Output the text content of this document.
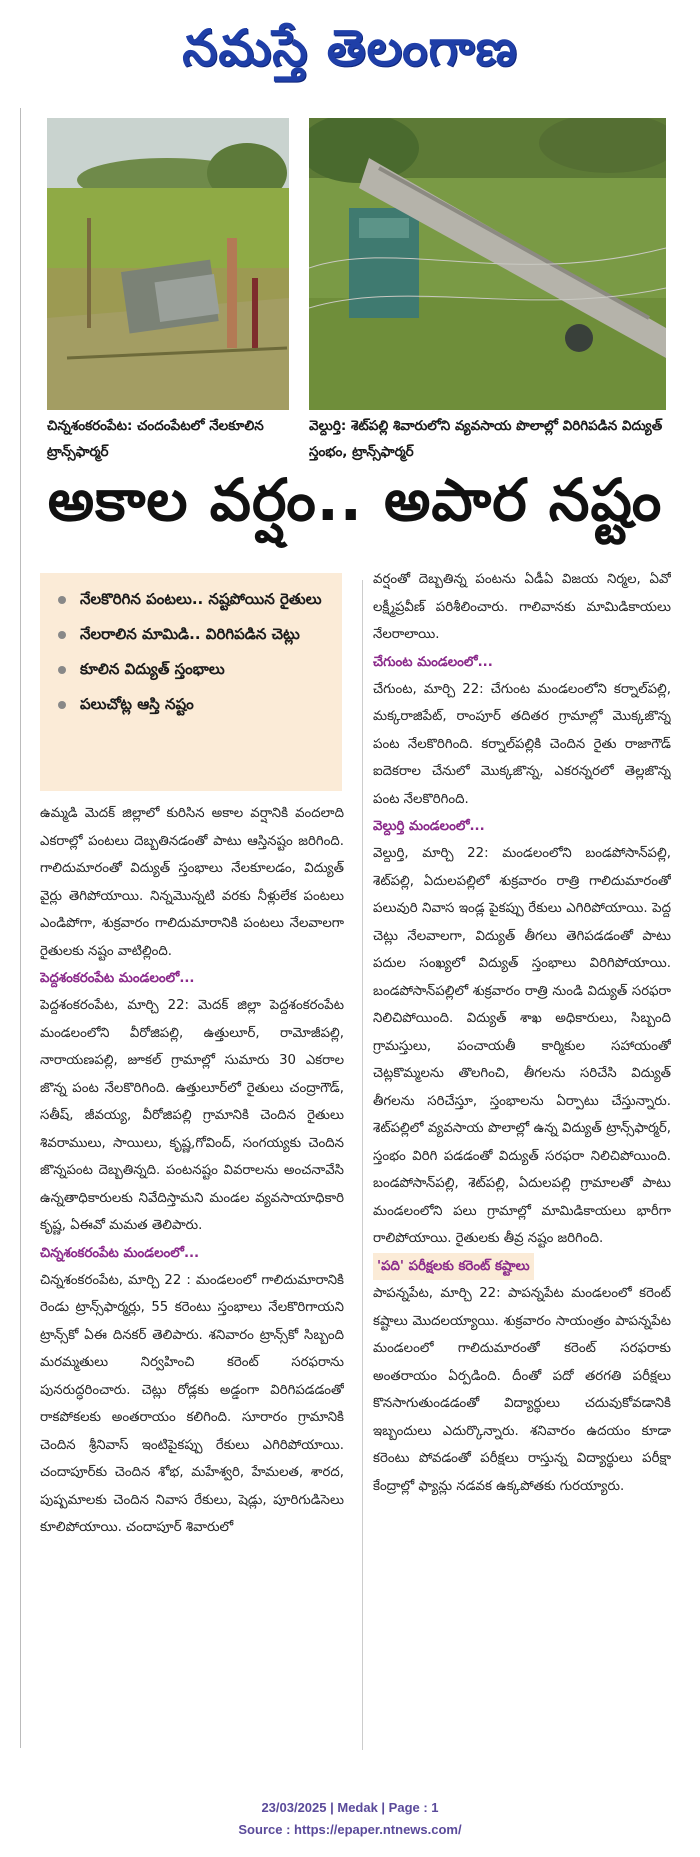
నమస్తే తెలంగాణ
చిన్నశంకరంపేట: చందంపేటలో నేలకూలిన ట్రాన్స్‌ఫార్మర్
వెల్దుర్తి: శెట్‌పల్లి శివారులోని వ్యవసాయ పొలాల్లో విరిగిపడిన విద్యుత్ స్తంభం, ట్రాన్స్‌ఫార్మర్
అకాల వర్షం.. అపార నష్టం
నేలకొరిగిన పంటలు.. నష్టపోయిన రైతులు
నేలరాలిన మామిడి.. విరిగిపడిన చెట్లు
కూలిన విద్యుత్ స్తంభాలు
పలుచోట్ల ఆస్తి నష్టం

ఉమ్మడి మెదక్ జిల్లాలో కురిసిన అకాల వర్షానికి వందలాది ఎకరాల్లో పంటలు దెబ్బతినడంతో పాటు ఆస్తినష్టం జరిగింది. గాలిదుమారంతో విద్యుత్ స్తంభాలు నేలకూలడం, విద్యుత్ వైర్లు తెగిపోయాయి. నిన్నమొన్నటి వరకు నీళ్లులేక పంటలు ఎండిపోగా, శుక్రవారం గాలిదుమారానికి పంటలు నేలవాలగా రైతులకు నష్టం వాటిల్లింది.

పెద్దశంకరంపేట మండలంలో...

పెద్దశంకరంపేట, మార్చి 22: మెదక్ జిల్లా పెద్దశంకరంపేట మండలంలోని వీరోజిపల్లి, ఉత్తులూర్, రామోజీపల్లి, నారాయణపల్లి, జూకల్ గ్రామాల్లో సుమారు 30 ఎకరాల జొన్న పంట నేలకొరిగింది. ఉత్తులూర్‌లో రైతులు చంద్రాగౌడ్, సతీష్, జీవయ్య, వీరోజిపల్లి గ్రామానికి చెందిన రైతులు శివరాములు, సాయిలు, కృష్ణ,గోవింద్, సంగయ్యకు చెందిన జొన్నపంట దెబ్బతిన్నది. పంటనష్టం వివరాలను అంచనావేసి ఉన్నతాధికారులకు నివేదిస్తామని మండల వ్యవసాయాధికారి కృష్ణ, ఏఈవో మమత తెలిపారు.

చిన్నశంకరంపేట మండలంలో...

చిన్నశంకరంపేట, మార్చి 22 : మండలంలో గాలిదుమారానికి రెండు ట్రాన్స్‌ఫార్మర్లు, 55 కరెంటు స్తంభాలు నేలకొరిగాయని ట్రాన్స్‌కో ఏఈ దినకర్ తెలిపారు. శనివారం ట్రాన్స్‌కో సిబ్బంది మరమ్మతులు నిర్వహించి కరెంట్ సరఫరాను పునరుద్ధరించారు. చెట్లు రోడ్లకు అడ్డంగా విరిగిపడడంతో రాకపోకలకు అంతరాయం కలిగింది. సూరారం గ్రామానికి చెందిన శ్రీనివాస్ ఇంటిపైకప్పు రేకులు ఎగిరిపోయాయి. చందాపూర్‌కు చెందిన శోభ, మహేశ్వరి, హేమలత, శారద, పుష్పమాలకు చెందిన నివాస రేకులు, షెడ్లు, పూరిగుడిసెలు కూలిపోయాయి. చందాపూర్ శివారులో

వర్షంతో దెబ్బతిన్న పంటను ఏడీఏ విజయ నిర్మల, ఏవో లక్ష్మీప్రవీణ్ పరిశీలించారు. గాలివానకు మామిడికాయలు నేలరాలాయి.

చేగుంట మండలంలో...

చేగుంట, మార్చి 22: చేగుంట మండలంలోని కర్నాల్‌పల్లి, మక్కరాజిపేట్, రాంపూర్ తదితర గ్రామాల్లో మొక్కజొన్న పంట నేలకొరిగింది. కర్నాల్‌పల్లికి చెందిన రైతు రాజాగౌడ్ ఐదెకరాల చేనులో మొక్కజొన్న, ఎకరన్నరలో తెల్లజొన్న పంట నేలకొరిగింది.

వెల్దుర్తి మండలంలో...

వెల్దుర్తి, మార్చి 22: మండలంలోని బండపోసాన్‌పల్లి, శెట్‌పల్లి, ఏదులపల్లిలో శుక్రవారం రాత్రి గాలిదుమారంతో పలువురి నివాస ఇండ్ల పైకప్పు రేకులు ఎగిరిపోయాయి. పెద్ద చెట్లు నేలవాలగా, విద్యుత్ తీగలు తెగిపడడంతో పాటు పదుల సంఖ్యలో విద్యుత్ స్తంభాలు విరిగిపోయాయి. బండపోసాన్‌పల్లిలో శుక్రవారం రాత్రి నుండి విద్యుత్ సరఫరా నిలిచిపోయింది. విద్యుత్ శాఖ అధికారులు, సిబ్బంది గ్రామస్తులు, పంచాయతీ కార్మికుల సహాయంతో చెట్లకొమ్మలను తొలగించి, తీగలను సరిచేసి విద్యుత్ తీగలను సరిచేస్తూ, స్తంభాలను ఏర్పాటు చేస్తున్నారు. శెట్‌పల్లిలో వ్యవసాయ పొలాల్లో ఉన్న విద్యుత్ ట్రాన్స్‌ఫార్మర్, స్తంభం విరిగి పడడంతో విద్యుత్ సరఫరా నిలిచిపోయింది. బండపోసాన్‌పల్లి, శెట్‌పల్లి, ఏదులపల్లి గ్రామాలతో పాటు మండలంలోని పలు గ్రామాల్లో మామిడికాయలు భారీగా రాలిపోయాయి. రైతులకు తీవ్ర నష్టం జరిగింది.

'పది' పరీక్షలకు కరెంట్ కష్టాలు

పాపన్నపేట, మార్చి 22: పాపన్నపేట మండలంలో కరెంట్ కష్టాలు మొదలయ్యాయి. శుక్రవారం సాయంత్రం పాపన్నపేట మండలంలో గాలిదుమారంతో కరెంట్ సరఫరాకు అంతరాయం ఏర్పడింది. దీంతో పదో తరగతి పరీక్షలు కొనసాగుతుండడంతో విద్యార్థులు చదువుకోవడానికి ఇబ్బందులు ఎదుర్కొన్నారు. శనివారం ఉదయం కూడా కరెంటు పోవడంతో పరీక్షలు రాస్తున్న విద్యార్థులు పరీక్షా కేంద్రాల్లో ఫ్యాన్లు నడవక ఉక్కపోతకు గురయ్యారు.

23/03/2025 | Medak | Page : 1
Source : https://epaper.ntnews.com/
